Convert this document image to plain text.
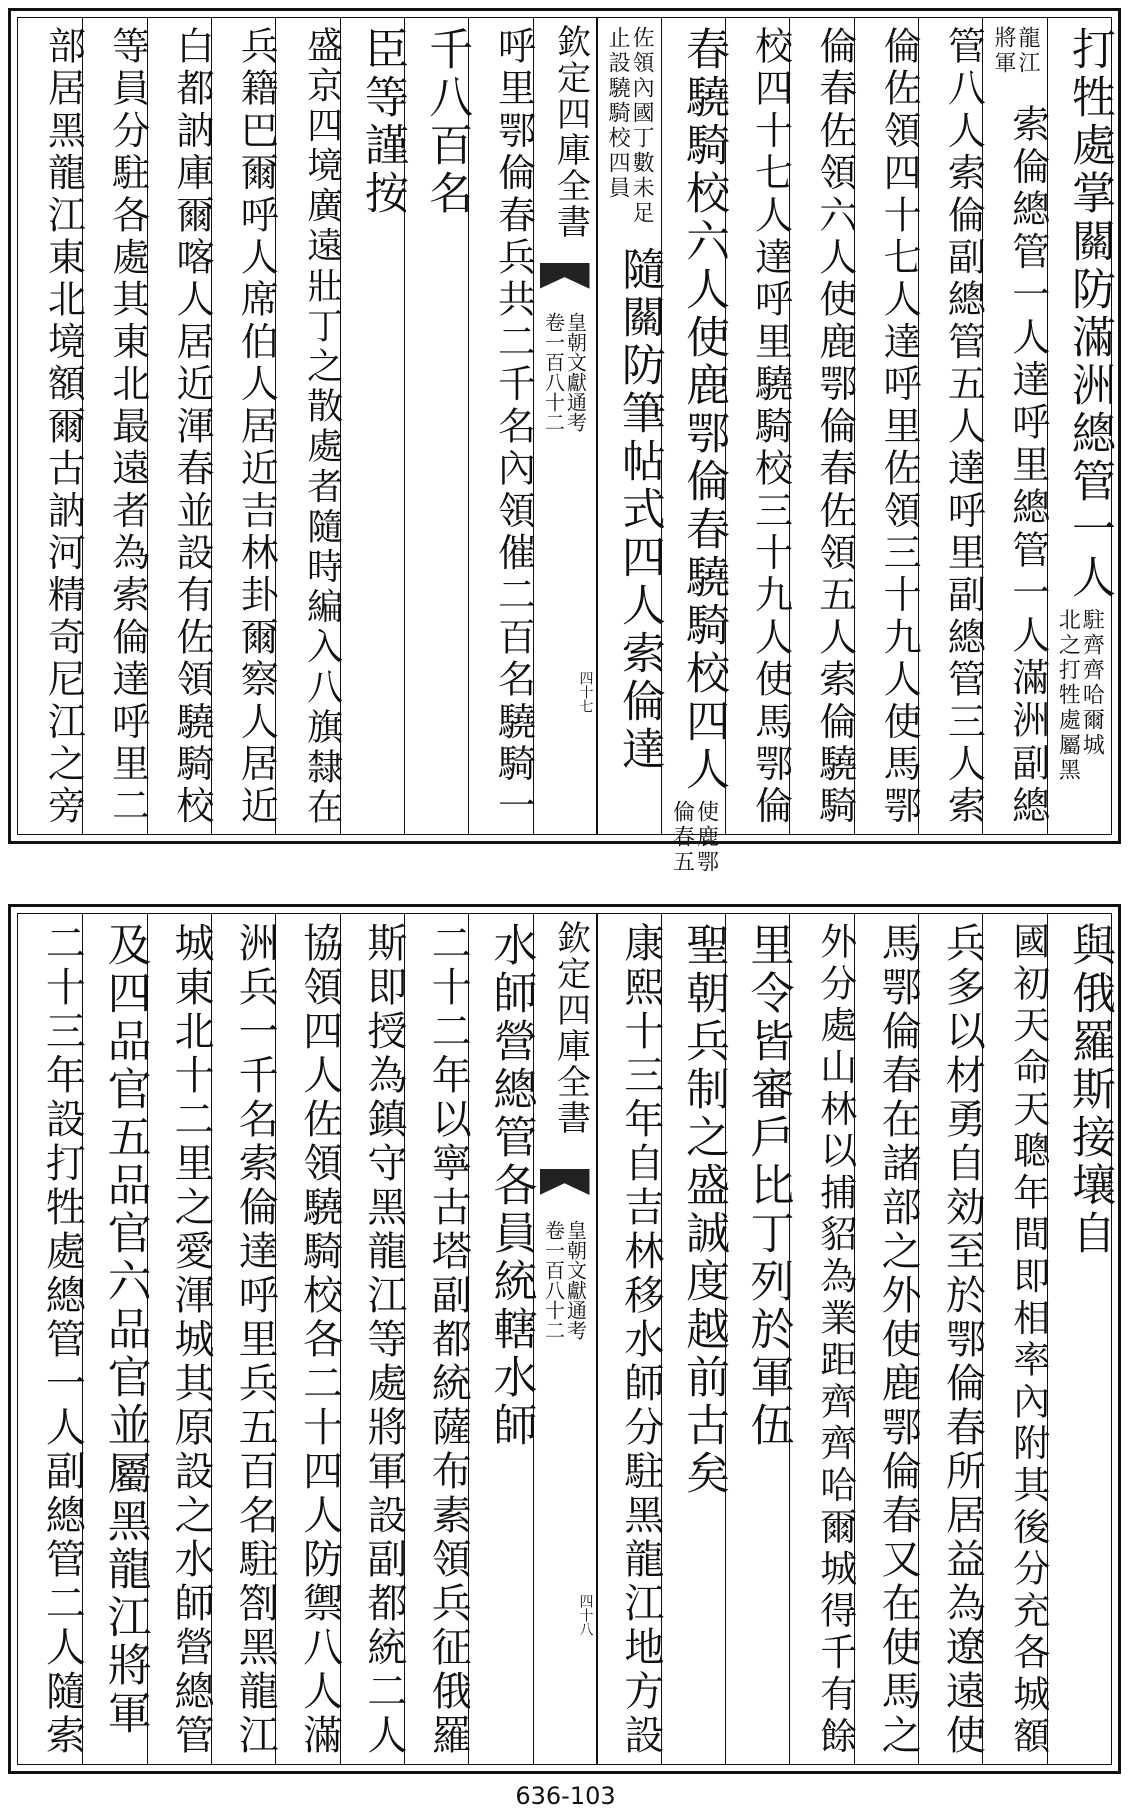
打牲處掌關防滿洲總管一人
駐齊齊哈爾城
北之打牲處屬黑
龍江
將軍
索倫總管一人達呼里總管一人滿洲副總
管八人索倫副總管五人達呼里副總管三人索
倫佐領四十七人達呼里佐領三十九人使馬鄂
倫春佐領六人使鹿鄂倫春佐領五人索倫驍騎
校四十七人達呼里驍騎校三十九人使馬鄂倫
春驍騎校六人使鹿鄂倫春驍騎校四人
使鹿鄂
倫春五
佐領內國丁數未足
止設驍騎校四員
隨關防筆帖式四人索倫達
欽定四庫全書
皇朝文獻通考
卷一百八十二
四十七
呼里鄂倫春兵共二千名內領催二百名驍騎一
千八百名
臣等謹按
盛京四境廣遠壯丁之散處者隨時編入八旗隸在
兵籍巴爾呼人席伯人居近吉林卦爾察人居近
白都訥庫爾喀人居近渾春並設有佐領驍騎校
等員分駐各處其東北最遠者為索倫達呼里二
部居黑龍江東北境額爾古訥河精奇尼江之旁
與俄羅斯接壤自
國初天命天聰年間即相率內附其後分充各城額
兵多以材勇自効至於鄂倫春所居益為遼遠使
馬鄂倫春在諸部之外使鹿鄂倫春又在使馬之
外分處山林以捕貂為業距齊齊哈爾城得千有餘
里令皆審戶比丁列於軍伍
聖朝兵制之盛誠度越前古矣
康熙十三年自吉林移水師分駐黑龍江地方設
欽定四庫全書
皇朝文獻通考
卷一百八十二
四十八
水師營總管各員統轄水師
二十二年以寧古塔副都統薩布素領兵征俄羅
斯即授為鎮守黑龍江等處將軍設副都統二人
協領四人佐領驍騎校各二十四人防禦八人滿
洲兵一千名索倫達呼里兵五百名駐劄黑龍江
城東北十二里之愛渾城其原設之水師營總管
及四品官五品官六品官並屬黑龍江將軍
二十三年設打牲處總管一人副總管二人隨索
636-103
